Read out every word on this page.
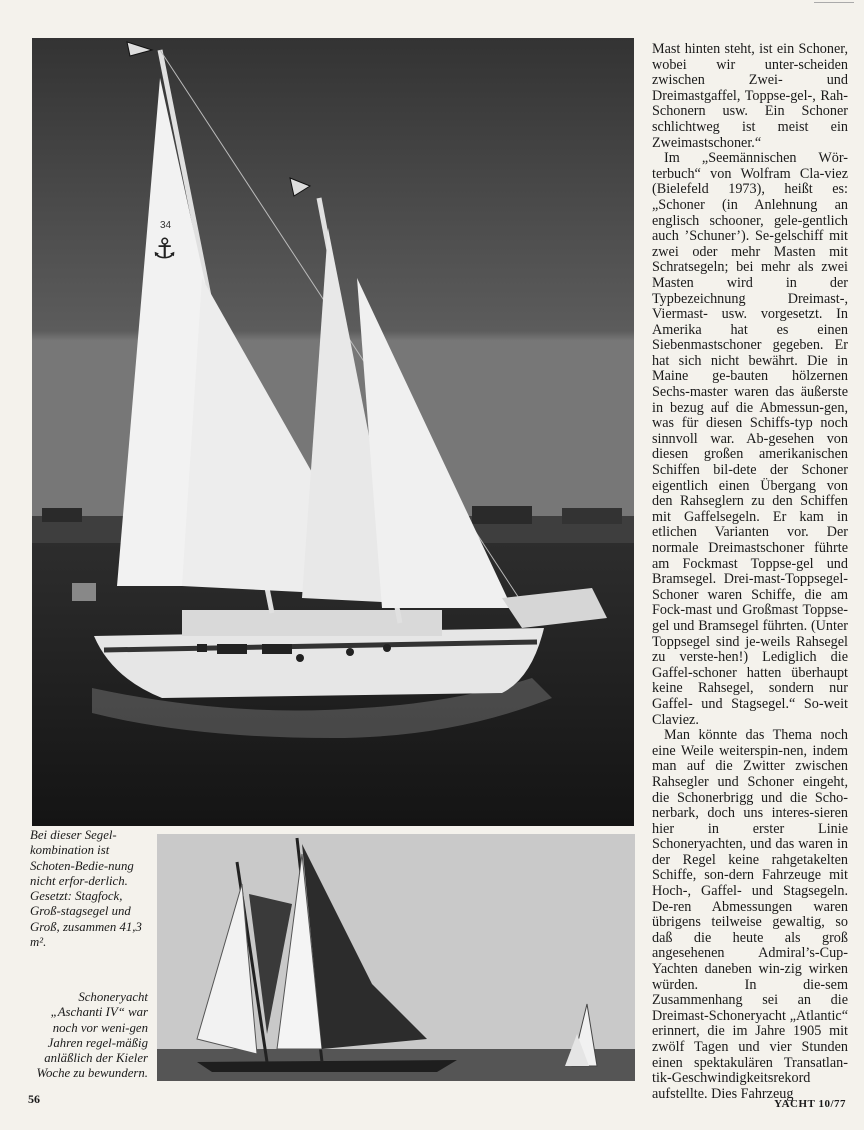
34
⚓

Mast hinten steht, ist ein Schoner, wobei wir unter-scheiden zwischen Zwei- und Dreimastgaffel, Toppse-gel-, Rah-Schonern usw. Ein Schoner schlichtweg ist meist ein Zweimastschoner.“

Im „Seemännischen Wör-terbuch“ von Wolfram Cla-viez (Bielefeld 1973), heißt es: „Schoner (in Anlehnung an englisch schooner, gele-gentlich auch ’Schuner’). Se-gelschiff mit zwei oder mehr Masten mit Schratsegeln; bei mehr als zwei Masten wird in der Typbezeichnung Dreimast-, Viermast- usw. vorgesetzt. In Amerika hat es einen Siebenmastschoner gegeben. Er hat sich nicht bewährt. Die in Maine ge-bauten hölzernen Sechs-master waren das äußerste in bezug auf die Abmessun-gen, was für diesen Schiffs-typ noch sinnvoll war. Ab-gesehen von diesen großen amerikanischen Schiffen bil-dete der Schoner eigentlich einen Übergang von den Rahseglern zu den Schiffen mit Gaffelsegeln. Er kam in etlichen Varianten vor. Der normale Dreimastschoner führte am Fockmast Toppse-gel und Bramsegel. Drei-mast-Toppsegel-Schoner waren Schiffe, die am Fock-mast und Großmast Toppse-gel und Bramsegel führten. (Unter Toppsegel sind je-weils Rahsegel zu verste-hen!) Lediglich die Gaffel-schoner hatten überhaupt keine Rahsegel, sondern nur Gaffel- und Stagsegel.“ So-weit Claviez.

Man könnte das Thema noch eine Weile weiterspin-nen, indem man auf die Zwitter zwischen Rahsegler und Schoner eingeht, die Schonerbrigg und die Scho-nerbark, doch uns interes-sieren hier in erster Linie Schoneryachten, und das waren in der Regel keine rahgetakelten Schiffe, son-dern Fahrzeuge mit Hoch-, Gaffel- und Stagsegeln. De-ren Abmessungen waren übrigens teilweise gewaltig, so daß die heute als groß angesehenen Admiral’s-Cup-Yachten daneben win-zig wirken würden. In die-sem Zusammenhang sei an die Dreimast-Schoneryacht „Atlantic“ erinnert, die im Jahre 1905 mit zwölf Tagen und vier Stunden einen spektakulären Transatlan-tik-Geschwindigkeitsrekord aufstellte. Dies Fahrzeug

Bei dieser Segel-kombination ist Schoten-Bedie-nung nicht erfor-derlich. Gesetzt: Stagfock, Groß-stagsegel und Groß, zusammen 41,3 m².
Schoneryacht „Aschanti IV“ war noch vor weni-gen Jahren regel-mäßig anläßlich der Kieler Woche zu bewundern.
56	YACHT 10/77
